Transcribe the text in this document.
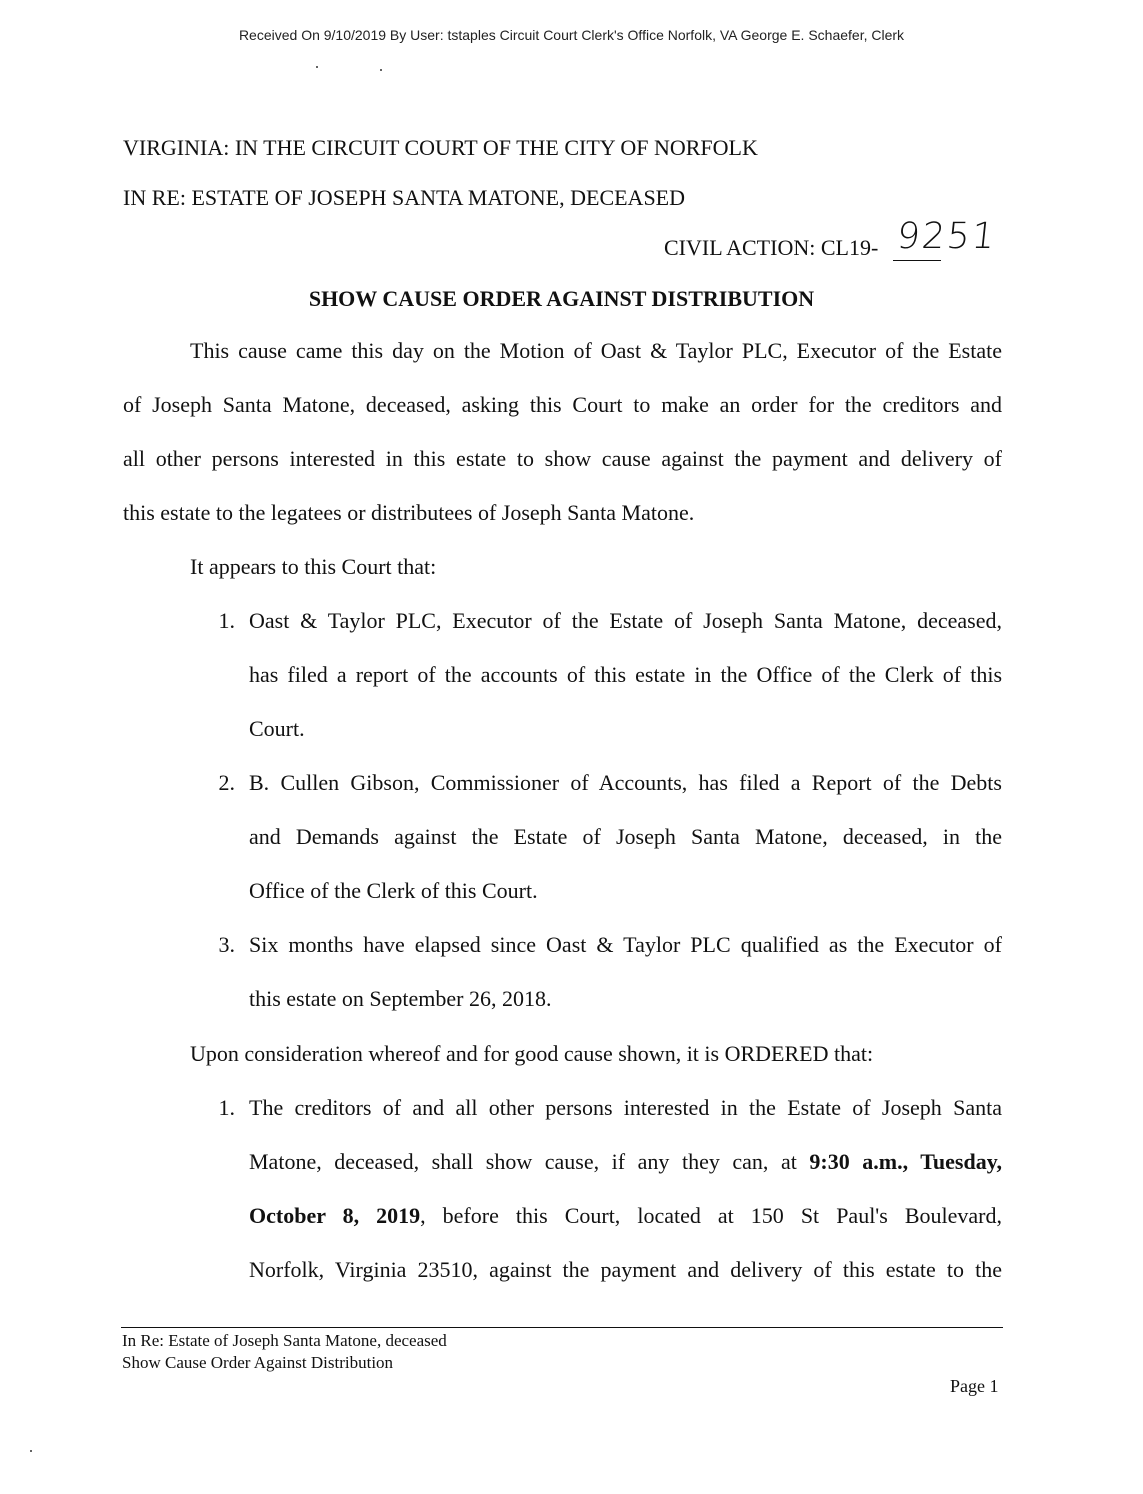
Received On 9/10/2019 By User: tstaples Circuit Court Clerk's Office Norfolk, VA George E. Schaefer, Clerk
VIRGINIA: IN THE CIRCUIT COURT OF THE CITY OF NORFOLK
IN RE: ESTATE OF JOSEPH SANTA MATONE, DECEASED
CIVIL ACTION: CL19- 9251
SHOW CAUSE ORDER AGAINST DISTRIBUTION
This cause came this day on the Motion of Oast & Taylor PLC, Executor of the Estate
of Joseph Santa Matone, deceased, asking this Court to make an order for the creditors and
all other persons interested in this estate to show cause against the payment and delivery of
this estate to the legatees or distributees of Joseph Santa Matone.
It appears to this Court that:
1. Oast & Taylor PLC, Executor of the Estate of Joseph Santa Matone, deceased,
has filed a report of the accounts of this estate in the Office of the Clerk of this
Court.
2. B. Cullen Gibson, Commissioner of Accounts, has filed a Report of the Debts
and Demands against the Estate of Joseph Santa Matone, deceased, in the
Office of the Clerk of this Court.
3. Six months have elapsed since Oast & Taylor PLC qualified as the Executor of
this estate on September 26, 2018.
Upon consideration whereof and for good cause shown, it is ORDERED that:
1. The creditors of and all other persons interested in the Estate of Joseph Santa
Matone, deceased, shall show cause, if any they can, at 9:30 a.m., Tuesday,
October 8, 2019, before this Court, located at 150 St Paul's Boulevard,
Norfolk, Virginia 23510, against the payment and delivery of this estate to the
In Re: Estate of Joseph Santa Matone, deceased
Show Cause Order Against Distribution
Page 1
